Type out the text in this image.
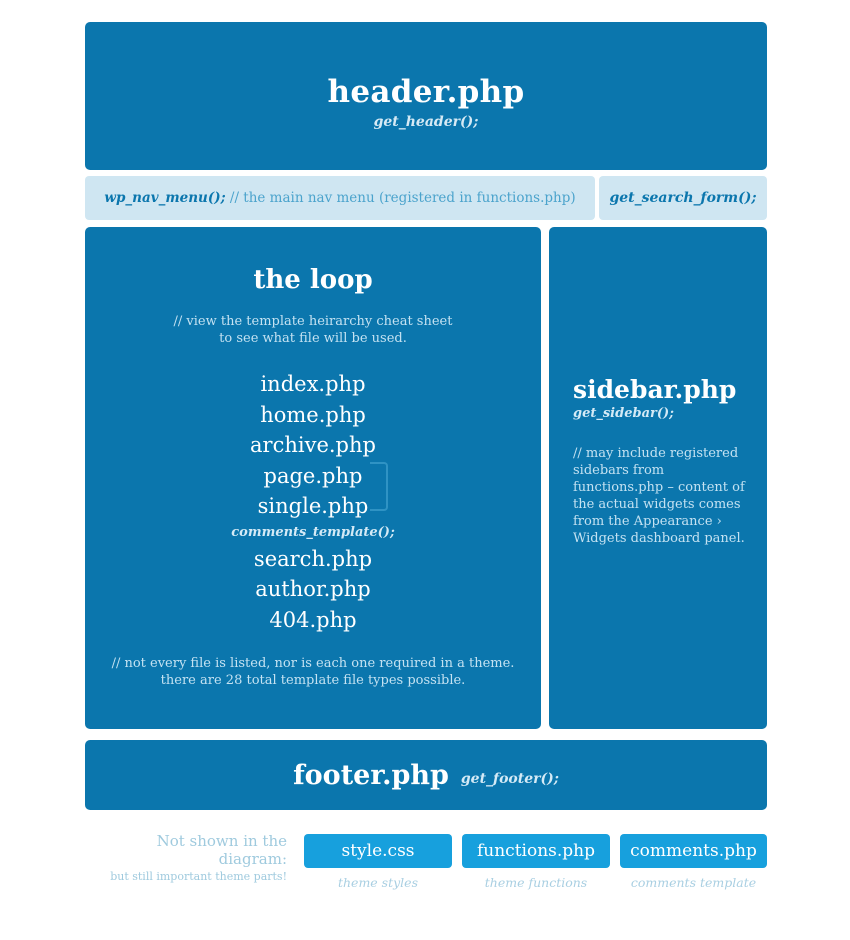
header.php
get_header();
wp_nav_menu(); // the main nav menu (registered in functions.php) get_search_form();
the loop
// view the template heirarchy cheat sheet to see what file will be used.
index.php
home.php
archive.php
page.php
single.php
comments_template();
search.php
author.php
404.php
// not every file is listed, nor is each one required in a theme. there are 28 total template file types possible.
sidebar.php
get_sidebar();
// may include registered sidebars from functions.php – content of the actual widgets comes from the Appearance › Widgets dashboard panel.
footer.php get_footer();
Not shown in the diagram:
but still important theme parts!
style.css	functions.php	comments.php
theme styles	theme functions	comments template
